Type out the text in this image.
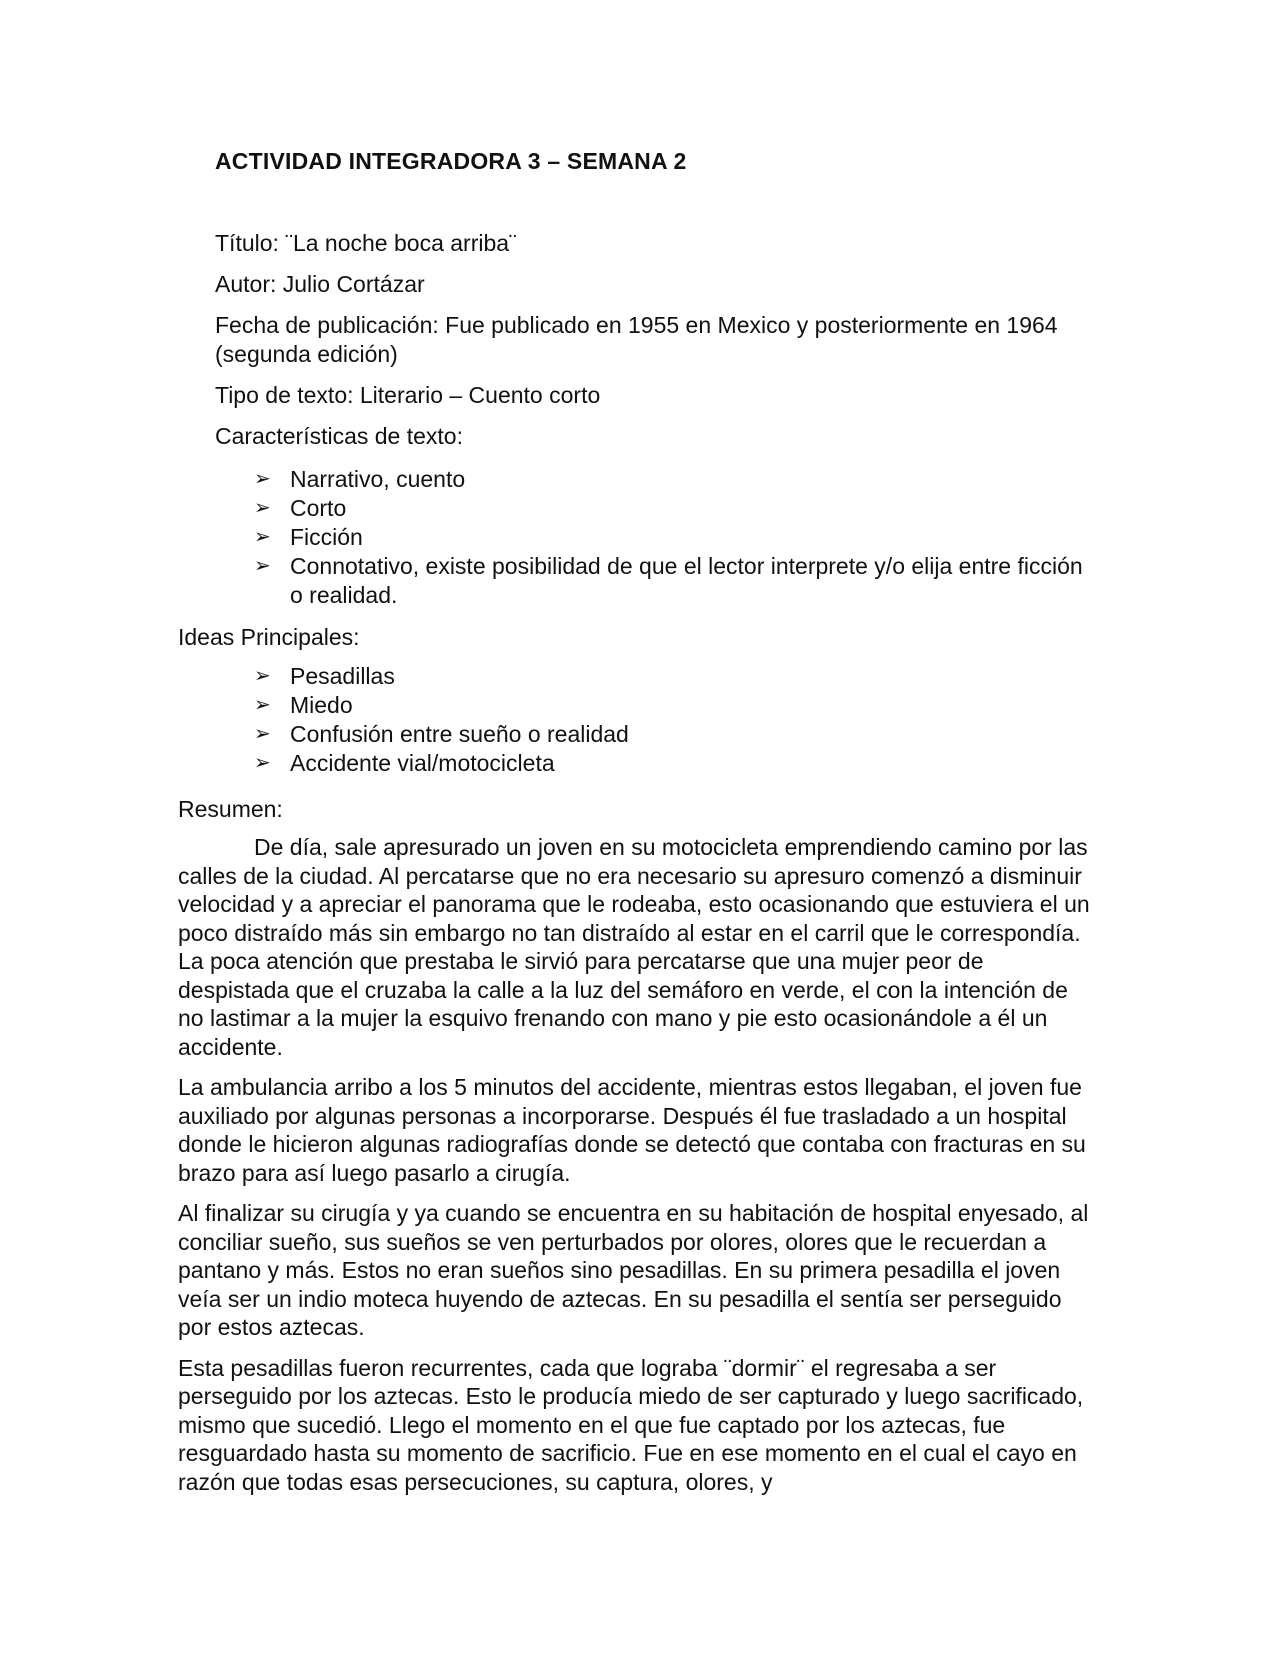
ACTIVIDAD INTEGRADORA 3 – SEMANA 2

Título: ¨La noche boca arriba¨

Autor: Julio Cortázar

Fecha de publicación: Fue publicado en 1955 en Mexico y posteriormente en 1964 (segunda edición)

Tipo de texto: Literario – Cuento corto

Características de texto:

➢ Narrativo, cuento
➢ Corto
➢ Ficción
➢ Connotativo, existe posibilidad de que el lector interprete y/o elija entre ficción o realidad.

Ideas Principales:

➢ Pesadillas
➢ Miedo
➢ Confusión entre sueño o realidad
➢ Accidente vial/motocicleta

Resumen:

De día, sale apresurado un joven en su motocicleta emprendiendo camino por las calles de la ciudad. Al percatarse que no era necesario su apresuro comenzó a disminuir velocidad y a apreciar el panorama que le rodeaba, esto ocasionando que estuviera el un poco distraído más sin embargo no tan distraído al estar en el carril que le correspondía. La poca atención que prestaba le sirvió para percatarse que una mujer peor de despistada que el cruzaba la calle a la luz del semáforo en verde, el con la intención de no lastimar a la mujer la esquivo frenando con mano y pie esto ocasionándole a él un accidente.

La ambulancia arribo a los 5 minutos del accidente, mientras estos llegaban, el joven fue auxiliado por algunas personas a incorporarse. Después él fue trasladado a un hospital donde le hicieron algunas radiografías donde se detectó que contaba con fracturas en su brazo para así luego pasarlo a cirugía.

Al finalizar su cirugía y ya cuando se encuentra en su habitación de hospital enyesado, al conciliar sueño, sus sueños se ven perturbados por olores, olores que le recuerdan a pantano y más. Estos no eran sueños sino pesadillas. En su primera pesadilla el joven veía ser un indio moteca huyendo de aztecas. En su pesadilla el sentía ser perseguido por estos aztecas.

Esta pesadillas fueron recurrentes, cada que lograba ¨dormir¨ el regresaba a ser perseguido por los aztecas. Esto le producía miedo de ser capturado y luego sacrificado, mismo que sucedió. Llego el momento en el que fue captado por los aztecas, fue resguardado hasta su momento de sacrificio. Fue en ese momento en el cual el cayo en razón que todas esas persecuciones, su captura, olores, y
